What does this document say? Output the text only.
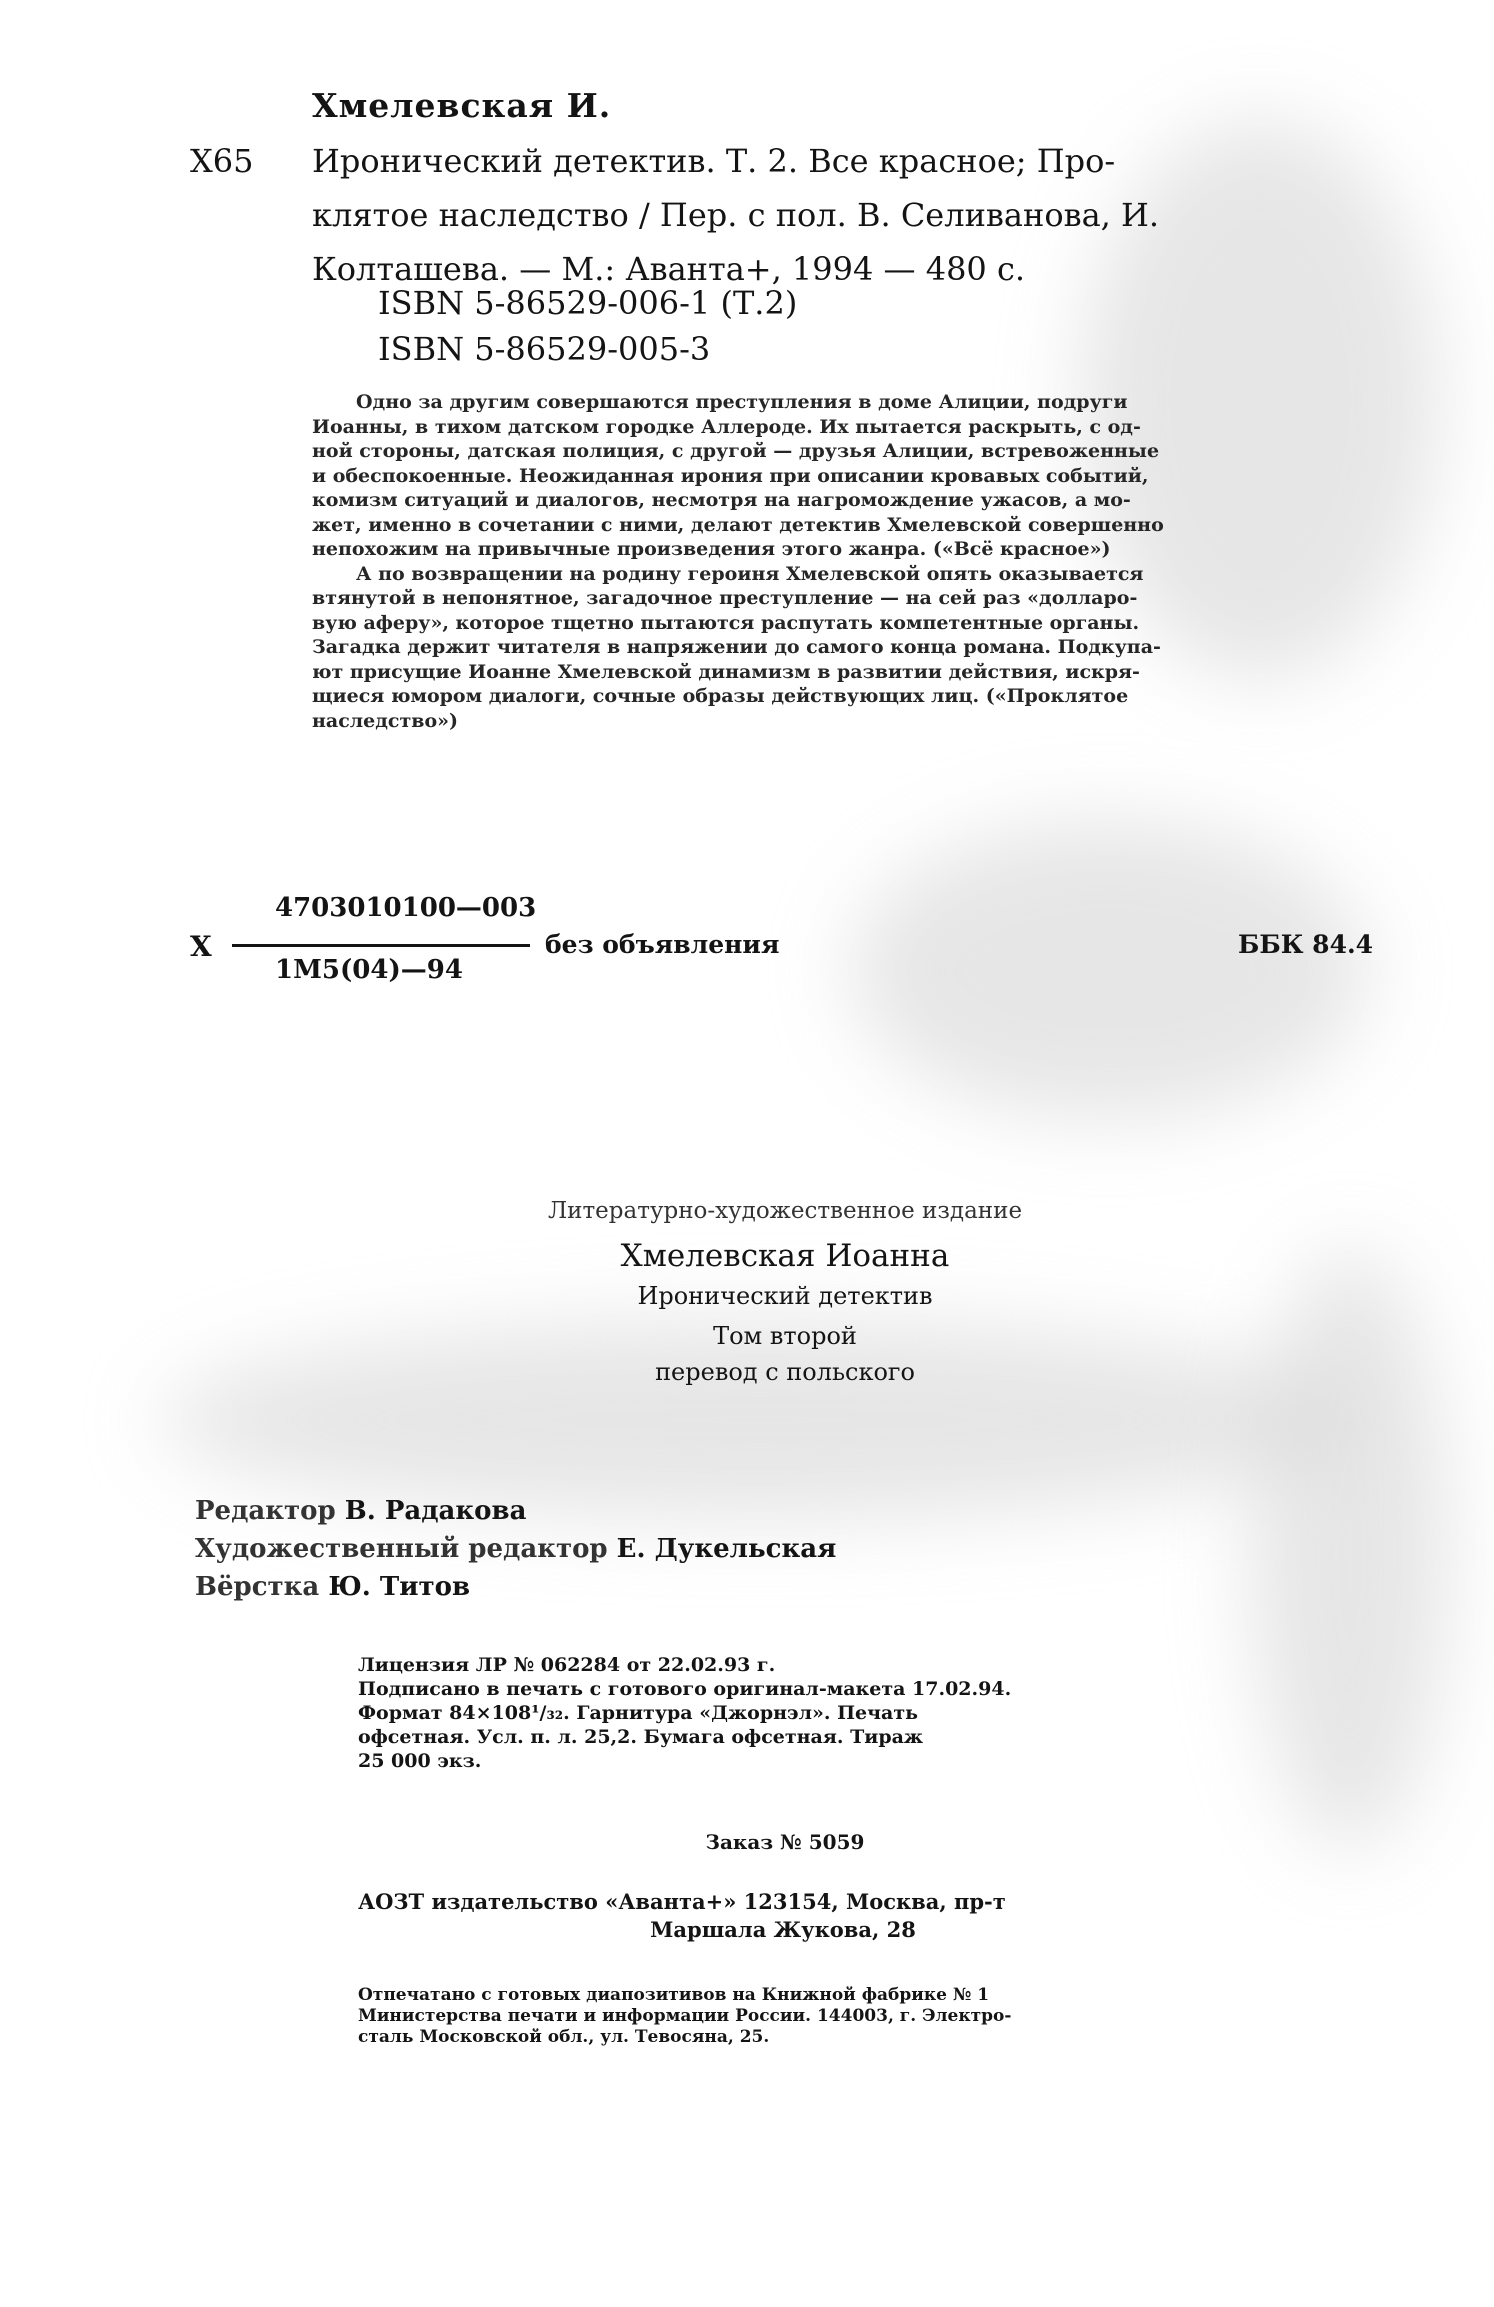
Хмелевская И.
Х65 Иронический детектив. Т. 2. Все красное; Про-
клятое наследство / Пер. с пол. В. Селиванова, И.
Колташева. — М.: Аванта+, 1994 — 480 с.
ISBN 5-86529-006-1 (Т.2)
ISBN 5-86529-005-3

Одно за другим совершаются преступления в доме Алиции, подруги
Иоанны, в тихом датском городке Аллероде. Их пытается раскрыть, с од-
ной стороны, датская полиция, с другой — друзья Алиции, встревоженные
и обеспокоенные. Неожиданная ирония при описании кровавых событий,
комизм ситуаций и диалогов, несмотря на нагромождение ужасов, а мо-
жет, именно в сочетании с ними, делают детектив Хмелевской совершенно
непохожим на привычные произведения этого жанра. («Всё красное»)

А по возвращении на родину героиня Хмелевской опять оказывается
втянутой в непонятное, загадочное преступление — на сей раз «долларо-
вую аферу», которое тщетно пытаются распутать компетентные органы.
Загадка держит читателя в напряжении до самого конца романа. Подкупа-
ют присущие Иоанне Хмелевской динамизм в развитии действия, искря-
щиеся юмором диалоги, сочные образы действующих лиц. («Проклятое
наследство»)

Х
4703010100—003
1М5(04)—94
без объявления	ББК 84.4
Литературно-художественное издание
Хмелевская Иоанна
Иронический детектив
Том второй
перевод с польского
Редактор В. Радакова
Художественный редактор Е. Дукельская
Вёрстка Ю. Титов
Лицензия ЛР № 062284 от 22.02.93 г.
Подписано в печать с готового оригинал-макета 17.02.94.
Формат 84×108¹/₃₂. Гарнитура «Джорнэл». Печать
офсетная. Усл. п. л. 25,2. Бумага офсетная. Тираж
25 000 экз.
Заказ № 5059
АОЗТ издательство «Аванта+» 123154, Москва, пр-т
Маршала Жукова, 28
Отпечатано с готовых диапозитивов на Книжной фабрике № 1
Министерства печати и информации России. 144003, г. Электро-
сталь Московской обл., ул. Тевосяна, 25.
